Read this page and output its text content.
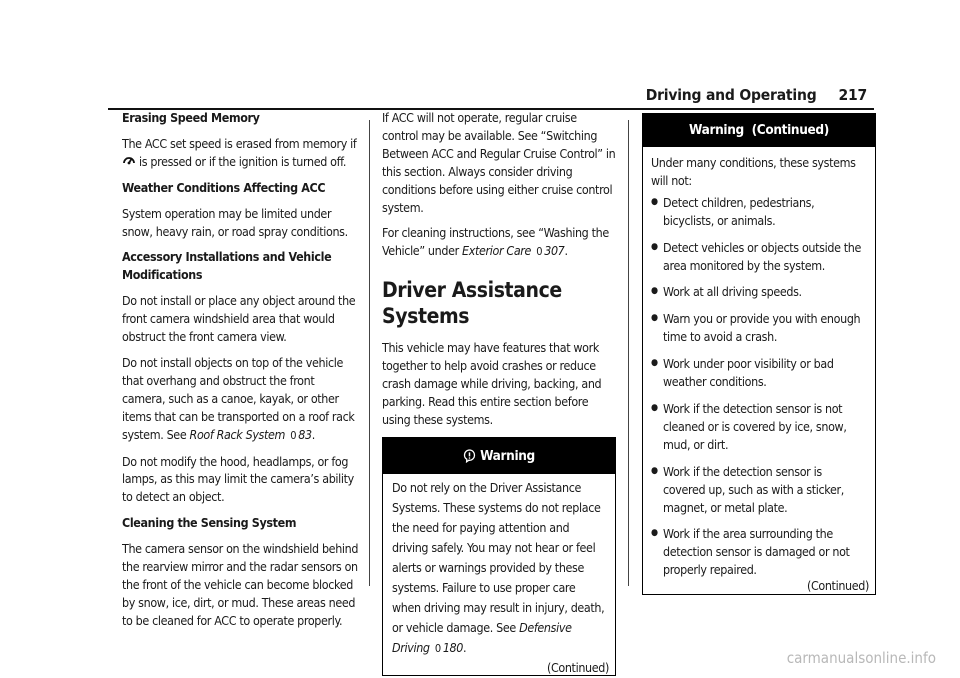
Driving and Operating 217

Erasing Speed Memory

The ACC set speed is erased from memory if is pressed or if the ignition is turned off.

Weather Conditions Affecting ACC

System operation may be limited under snow, heavy rain, or road spray conditions.

Accessory Installations and Vehicle Modifications

Do not install or place any object around the front camera windshield area that would obstruct the front camera view.

Do not install objects on top of the vehicle that overhang and obstruct the front camera, such as a canoe, kayak, or other items that can be transported on a roof rack system. See Roof Rack System 0 83.

Do not modify the hood, headlamps, or fog lamps, as this may limit the camera’s ability to detect an object.

Cleaning the Sensing System

The camera sensor on the windshield behind the rearview mirror and the radar sensors on the front of the vehicle can become blocked by snow, ice, dirt, or mud. These areas need to be cleaned for ACC to operate properly.

If ACC will not operate, regular cruise control may be available. See “Switching Between ACC and Regular Cruise Control” in this section. Always consider driving conditions before using either cruise control system.

For cleaning instructions, see “Washing the Vehicle” under Exterior Care 0 307.

Driver Assistance Systems

This vehicle may have features that work together to help avoid crashes or reduce crash damage while driving, backing, and parking. Read this entire section before using these systems.

Warning
Do not rely on the Driver Assistance Systems. These systems do not replace the need for paying attention and driving safely. You may not hear or feel alerts or warnings provided by these systems. Failure to use proper care when driving may result in injury, death, or vehicle damage. See Defensive Driving 0 180.
(Continued)
Warning  (Continued)
Under many conditions, these systems will not:
● Detect children, pedestrians, bicyclists, or animals.
● Detect vehicles or objects outside the area monitored by the system.
● Work at all driving speeds.
● Warn you or provide you with enough time to avoid a crash.
● Work under poor visibility or bad weather conditions.
● Work if the detection sensor is not cleaned or is covered by ice, snow, mud, or dirt.
● Work if the detection sensor is covered up, such as with a sticker, magnet, or metal plate.
● Work if the area surrounding the detection sensor is damaged or not properly repaired.
(Continued)
carmanualsonline.info
